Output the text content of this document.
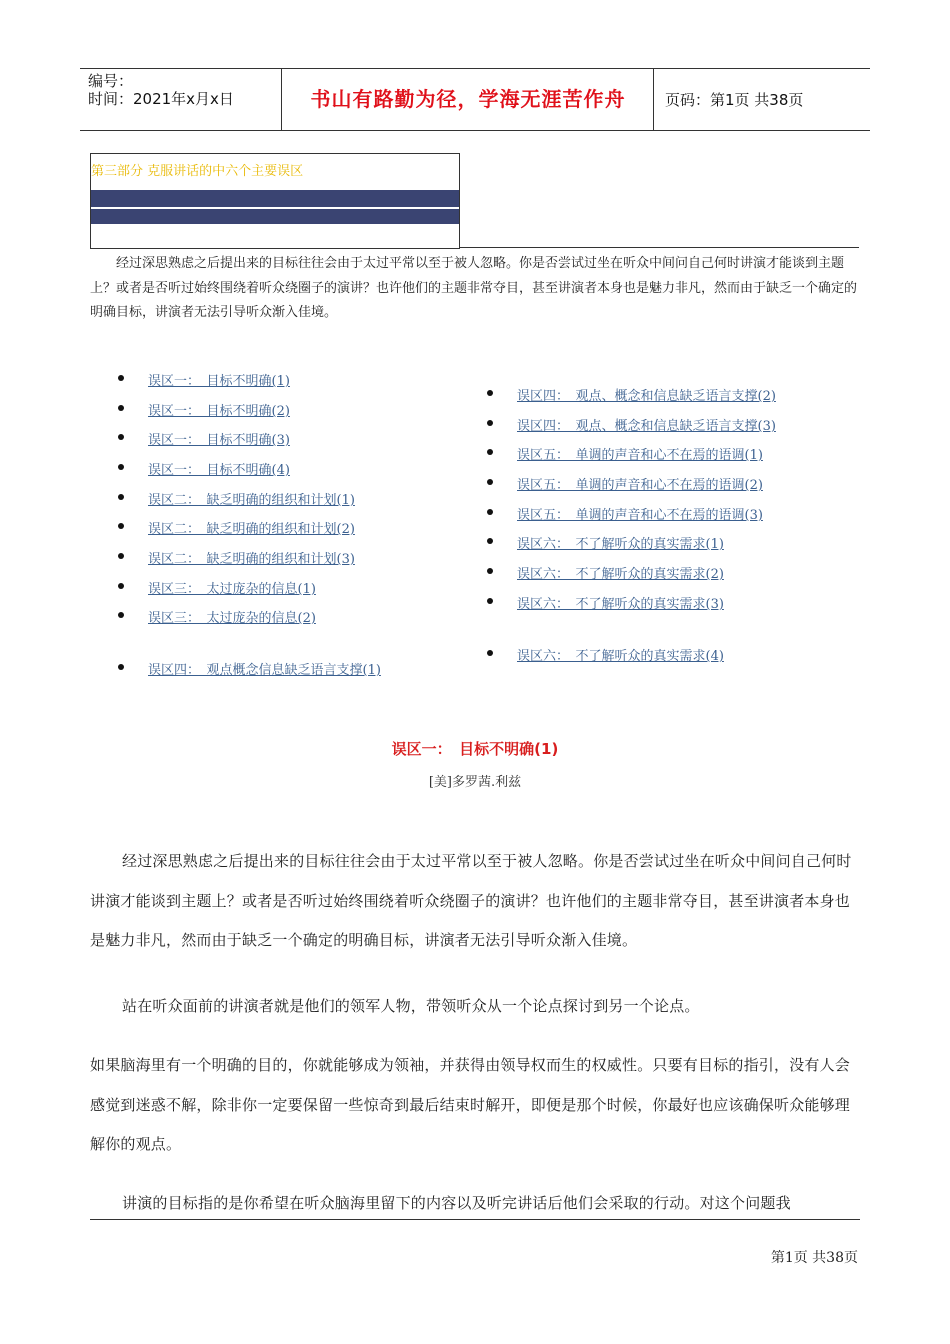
编号：
时间：2021年x月x日	书山有路勤为径，学海无涯苦作舟	页码：第1页 共38页
第三部分 克服讲话的中六个主要误区

经过深思熟虑之后提出来的目标往往会由于太过平常以至于被人忽略。你是否尝试过坐在听众中间问自己何时讲演才能谈到主题上？或者是否听过始终围绕着听众绕圈子的演讲？也许他们的主题非常夺目，甚至讲演者本身也是魅力非凡，然而由于缺乏一个确定的明确目标，讲演者无法引导听众渐入佳境。

误区一：　目标不明确(1)
误区一：　目标不明确(2)
误区一：　目标不明确(3)
误区一：　目标不明确(4)
误区二：　缺乏明确的组织和计划(1)
误区二：　缺乏明确的组织和计划(2)
误区二：　缺乏明确的组织和计划(3)
误区三：　太过庞杂的信息(1)
误区三：　太过庞杂的信息(2)
误区四：　观点概念信息缺乏语言支撑(1)
误区四：　观点、概念和信息缺乏语言支撑(2)
误区四：　观点、概念和信息缺乏语言支撑(3)
误区五：　单调的声音和心不在焉的语调(1)
误区五：　单调的声音和心不在焉的语调(2)
误区五：　单调的声音和心不在焉的语调(3)
误区六：　不了解听众的真实需求(1)
误区六：　不了解听众的真实需求(2)
误区六：　不了解听众的真实需求(3)
误区六：　不了解听众的真实需求(4)
误区一：　目标不明确(1)
[美]多罗茜.利兹

经过深思熟虑之后提出来的目标往往会由于太过平常以至于被人忽略。你是否尝试过坐在听众中间问自己何时讲演才能谈到主题上？或者是否听过始终围绕着听众绕圈子的演讲？也许他们的主题非常夺目，甚至讲演者本身也是魅力非凡，然而由于缺乏一个确定的明确目标，讲演者无法引导听众渐入佳境。

站在听众面前的讲演者就是他们的领军人物，带领听众从一个论点探讨到另一个论点。

如果脑海里有一个明确的目的，你就能够成为领袖，并获得由领导权而生的权威性。只要有目标的指引，没有人会感觉到迷惑不解，除非你一定要保留一些惊奇到最后结束时解开，即便是那个时候，你最好也应该确保听众能够理解你的观点。

讲演的目标指的是你希望在听众脑海里留下的内容以及听完讲话后他们会采取的行动。对这个问题我

第1页 共38页
